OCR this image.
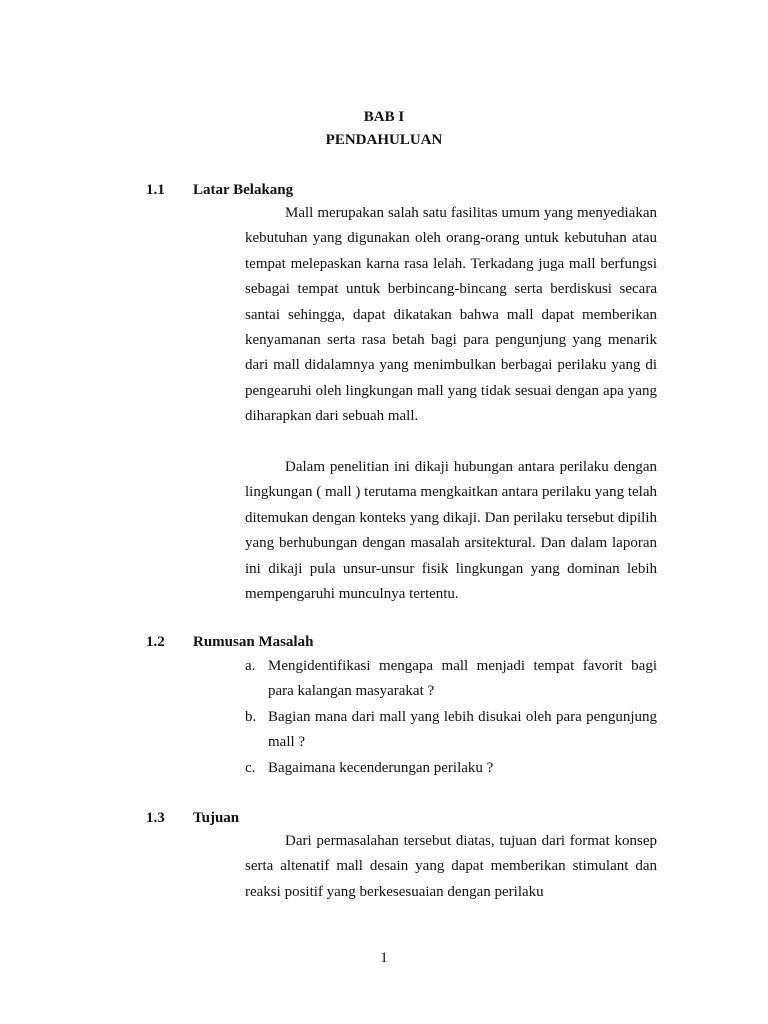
BAB I
PENDAHULUAN
1.1 Latar Belakang

Mall merupakan salah satu fasilitas umum yang menyediakan kebutuhan yang digunakan oleh orang-orang untuk kebutuhan atau tempat melepaskan karna rasa lelah. Terkadang juga mall berfungsi sebagai tempat untuk berbincang-bincang serta berdiskusi secara santai sehingga, dapat dikatakan bahwa mall dapat memberikan kenyamanan serta rasa betah bagi para pengunjung yang menarik dari mall didalamnya yang menimbulkan berbagai perilaku yang di pengearuhi oleh lingkungan mall yang tidak sesuai dengan apa yang diharapkan dari sebuah mall.

Dalam penelitian ini dikaji hubungan antara perilaku dengan lingkungan ( mall ) terutama mengkaitkan antara perilaku yang telah ditemukan dengan konteks yang dikaji. Dan perilaku tersebut dipilih yang berhubungan dengan masalah arsitektural. Dan dalam laporan ini dikaji pula unsur-unsur fisik lingkungan yang dominan lebih mempengaruhi munculnya tertentu.

1.2 Rumusan Masalah
a. Mengidentifikasi mengapa mall menjadi tempat favorit bagi para kalangan masyarakat ?
b. Bagian mana dari mall yang lebih disukai oleh para pengunjung mall ?
c. Bagaimana kecenderungan perilaku ?
1.3 Tujuan

Dari permasalahan tersebut diatas, tujuan dari format konsep serta altenatif mall desain yang dapat memberikan stimulant dan reaksi positif yang berkesesuaian dengan perilaku

1
